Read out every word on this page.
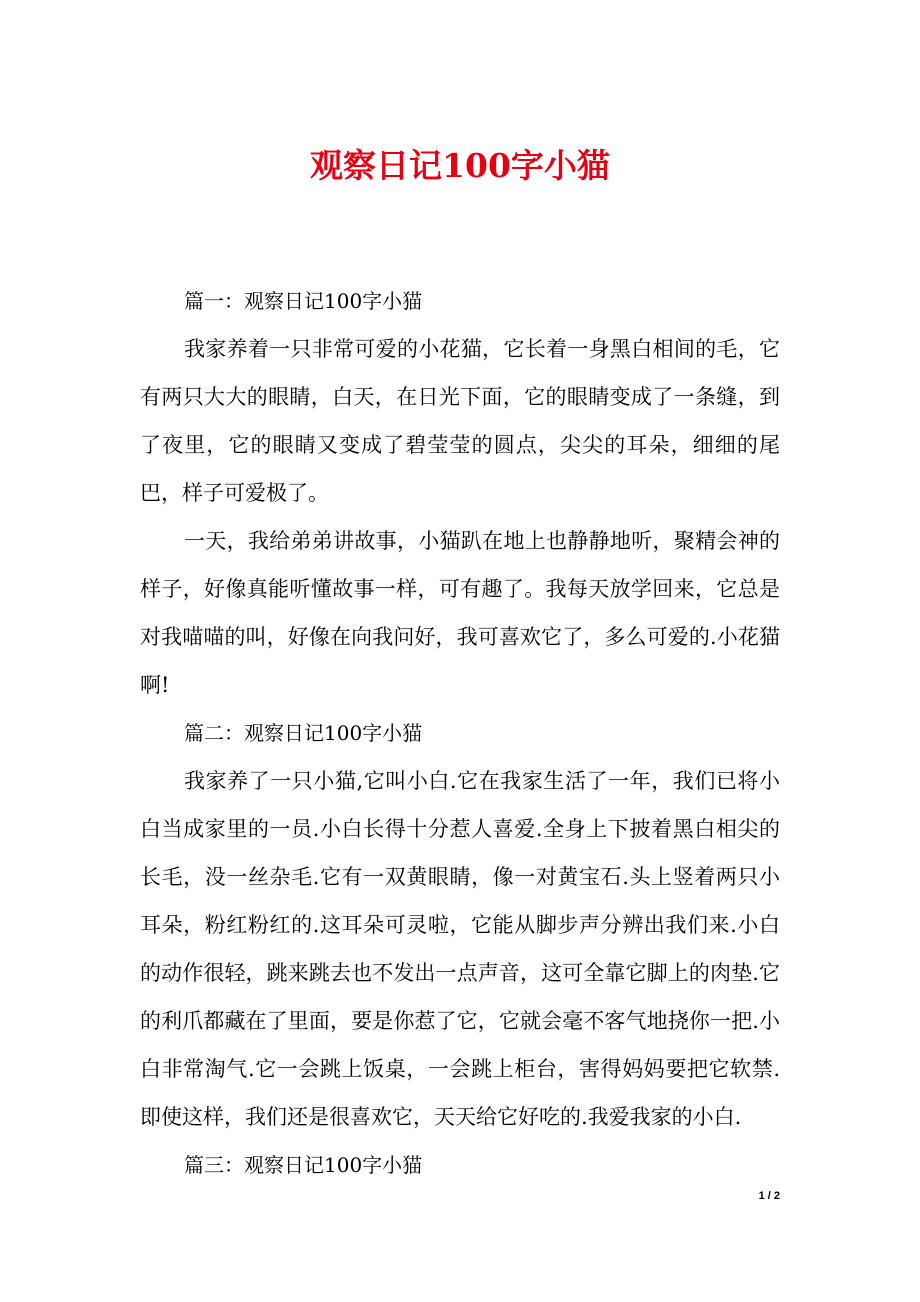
观察日记100字小猫

篇一：观察日记100字小猫

我家养着一只非常可爱的小花猫，它长着一身黑白相间的毛，它有两只大大的眼睛，白天，在日光下面，它的眼睛变成了一条缝，到了夜里，它的眼睛又变成了碧莹莹的圆点，尖尖的耳朵，细细的尾巴，样子可爱极了。

一天，我给弟弟讲故事，小猫趴在地上也静静地听，聚精会神的样子，好像真能听懂故事一样，可有趣了。我每天放学回来，它总是对我喵喵的叫，好像在向我问好，我可喜欢它了，多么可爱的.小花猫啊!

篇二：观察日记100字小猫

我家养了一只小猫,它叫小白.它在我家生活了一年，我们已将小白当成家里的一员.小白长得十分惹人喜爱.全身上下披着黑白相尖的长毛，没一丝杂毛.它有一双黄眼睛，像一对黄宝石.头上竖着两只小耳朵，粉红粉红的.这耳朵可灵啦，它能从脚步声分辨出我们来.小白的动作很轻，跳来跳去也不发出一点声音，这可全靠它脚上的肉垫.它的利爪都藏在了里面，要是你惹了它，它就会毫不客气地挠你一把.小白非常淘气.它一会跳上饭桌，一会跳上柜台，害得妈妈要把它软禁.即使这样，我们还是很喜欢它，天天给它好吃的.我爱我家的小白.

篇三：观察日记100字小猫

1 / 2
